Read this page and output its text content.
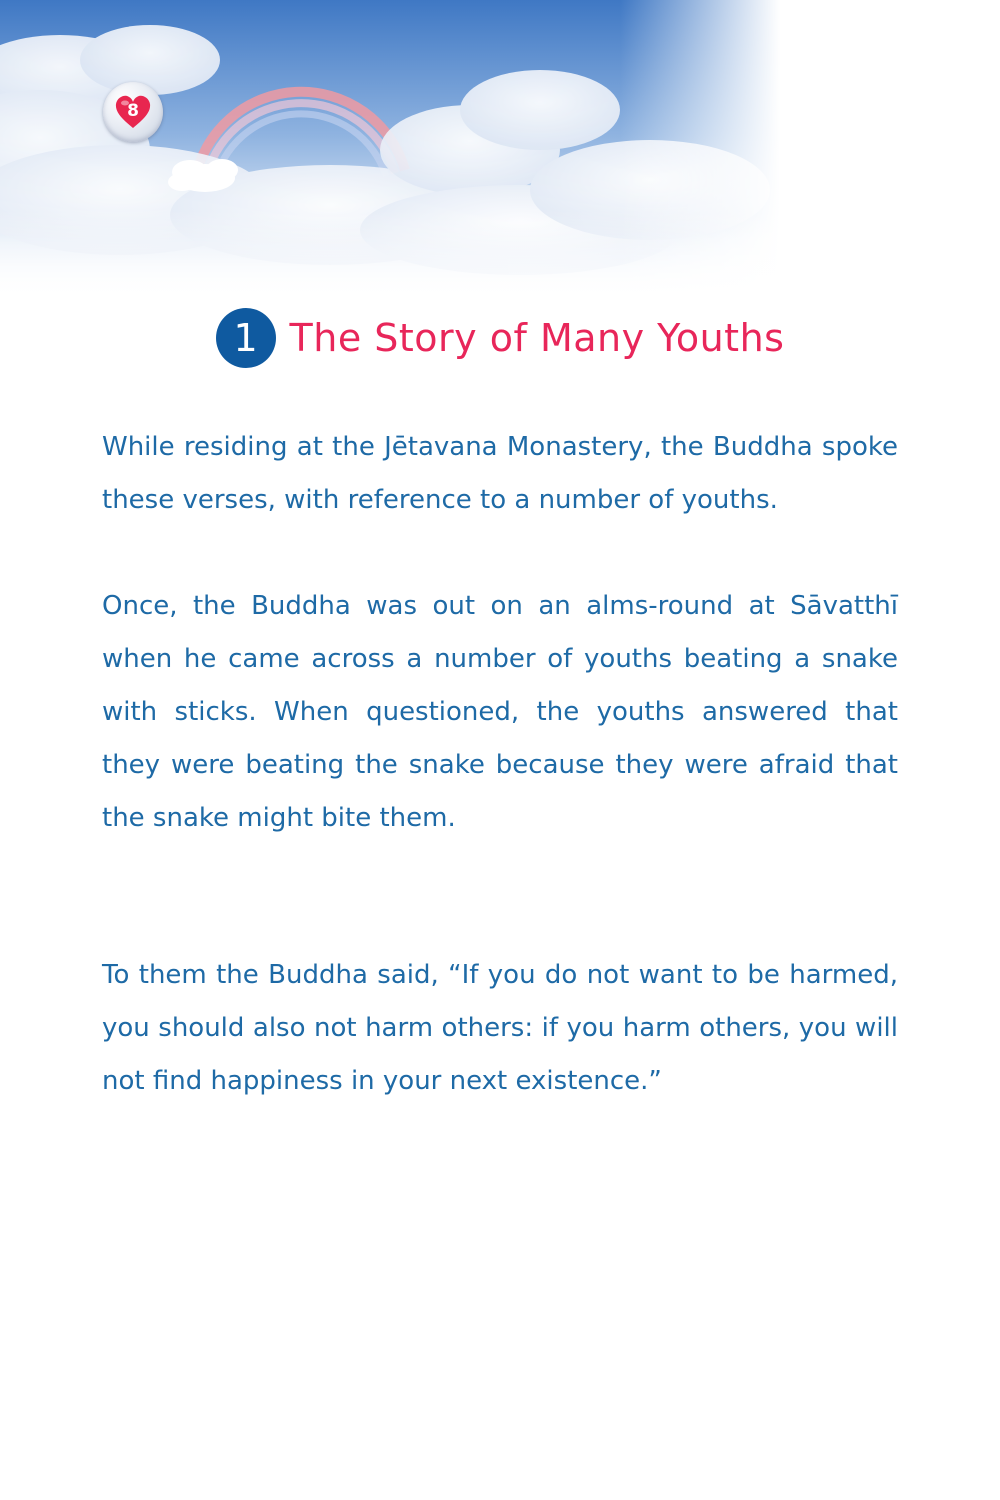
8
1 The Story of Many Youths

While residing at the Jētavana Monastery, the Buddha spoke these verses, with reference to a number of youths.

Once, the Buddha was out on an alms-round at Sāvatthī when he came across a number of youths beating a snake with sticks. When questioned, the youths answered that they were beating the snake because they were afraid that the snake might bite them.

To them the Buddha said, “If you do not want to be harmed, you should also not harm others: if you harm others, you will not find happiness in your next existence.”
